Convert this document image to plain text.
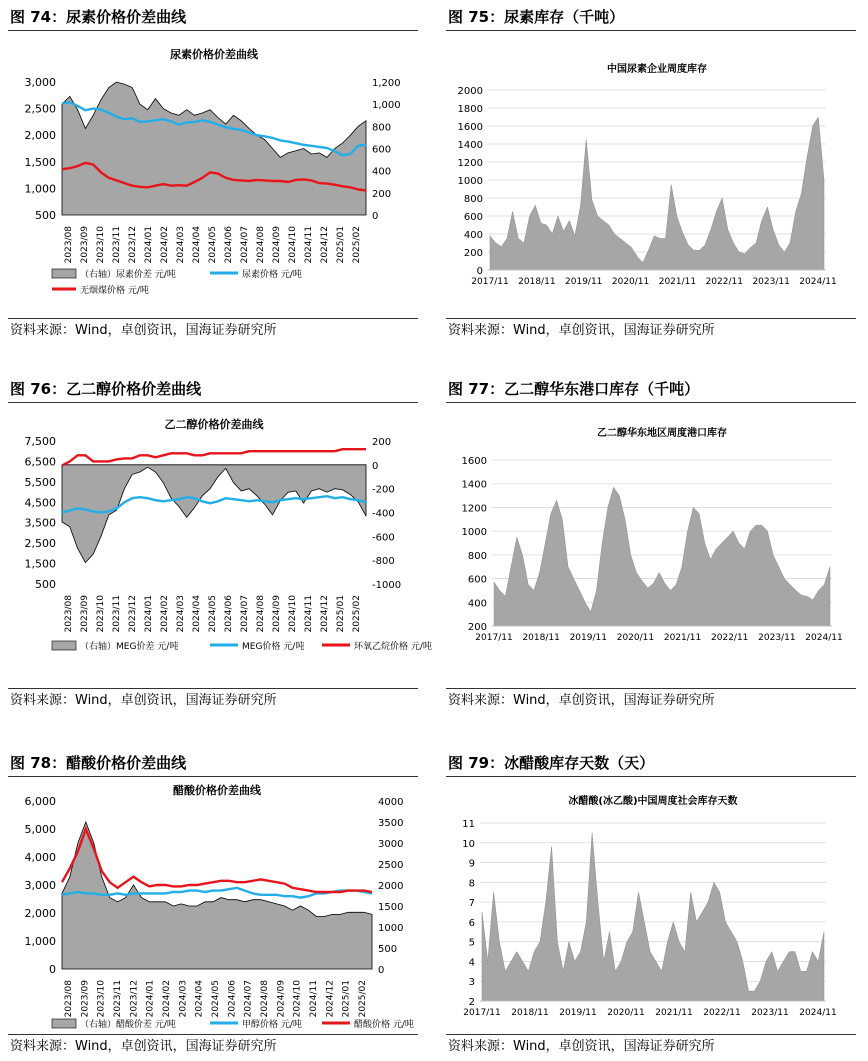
图 74：尿素价格价差曲线
尿素价格价差曲线
3,000
2,500
2,000
1,500
1,000
500
1,200
1,000
800
600
400
200
0
2023/08 2023/09 2023/10 2023/11 2023/12 2024/01 2024/02 2024/03 2024/04 2024/05 2024/06 2024/07 2024/08 2024/09 2024/10 2024/11 2024/12 2025/01 2025/02
（右轴）尿素价差 元/吨	尿素价格 元/吨
无烟煤价格 元/吨
资料来源：Wind，卓创资讯，国海证券研究所
图 75：尿素库存（千吨）
中国尿素企业周度库存
2000
1800
1600
1400
1200
1000
800
600
400
200
0
2017/11 2018/11 2019/11 2020/11 2021/11 2022/11 2023/11 2024/11
资料来源：Wind，卓创资讯，国海证券研究所
图 76：乙二醇价格价差曲线
乙二醇价格价差曲线
7,500
6,500
5,500
4,500
3,500
2,500
1,500
500
200
0
-200
-400
-600
-800
-1000
2023/08 2023/09 2023/10 2023/11 2023/12 2024/01 2024/02 2024/03 2024/04 2024/05 2024/06 2024/07 2024/08 2024/09 2024/10 2024/11 2024/12 2025/01 2025/02
（右轴）MEG价差 元/吨	MEG价格 元/吨	环氧乙烷价格 元/吨
资料来源：Wind，卓创资讯，国海证券研究所
图 77：乙二醇华东港口库存（千吨）
乙二醇华东地区周度港口库存
1600
1400
1200
1000
800
600
400
200
2017/11 2018/11 2019/11 2020/11 2021/11 2022/11 2023/11 2024/11
资料来源：Wind，卓创资讯，国海证券研究所
图 78：醋酸价格价差曲线
醋酸价格价差曲线
6,000
5,000
4,000
3,000
2,000
1,000
0
4000
3500
3000
2500
2000
1500
1000
500
0
2023/08 2023/09 2023/10 2023/11 2023/12 2024/01 2024/02 2024/03 2024/04 2024/05 2024/06 2024/07 2024/08 2024/09 2024/10 2024/11 2024/12 2025/01 2025/02
（右轴）醋酸价差 元/吨	甲醇价格 元/吨	醋酸价格 元/吨
资料来源：Wind，卓创资讯，国海证券研究所
图 79：冰醋酸库存天数（天）
冰醋酸(冰乙酸)中国周度社会库存天数
11
10
9
8
7
6
5
4
3
2
2017/11 2018/11 2019/11 2020/11 2021/11 2022/11 2023/11 2024/11
资料来源：Wind，卓创资讯，国海证券研究所
